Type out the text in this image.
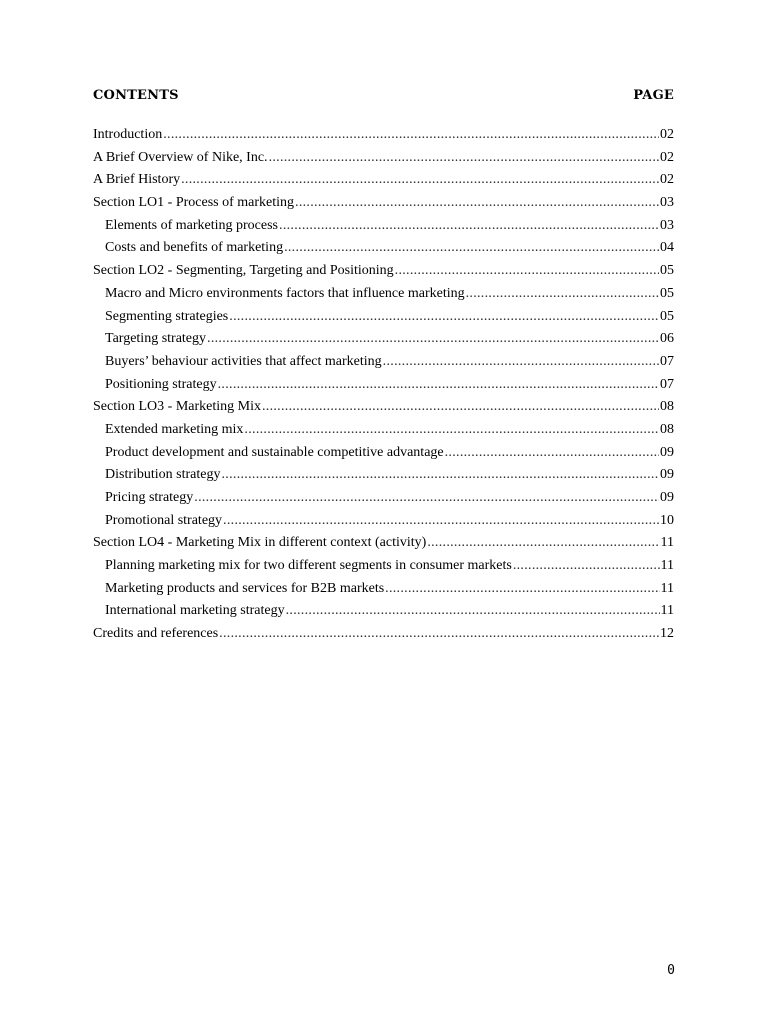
CONTENTS	PAGE
Introduction .....	02
A Brief Overview of Nike, Inc. .....	02
A Brief History .....	02
Section LO1 - Process of marketing .....	03
Elements of marketing process .....	03
Costs and benefits of marketing .....	04
Section LO2 - Segmenting, Targeting and Positioning .....	05
Macro and Micro environments factors that influence marketing .....	05
Segmenting strategies .....	05
Targeting strategy .....	06
Buyers’ behaviour activities that affect marketing .....	07
Positioning strategy .....	07
Section LO3 - Marketing Mix .....	08
Extended marketing mix .....	08
Product development and sustainable competitive advantage .....	09
Distribution strategy .....	09
Pricing strategy .....	09
Promotional strategy .....	10
Section LO4 - Marketing Mix in different context (activity) .....	11
Planning marketing mix for two different segments in consumer markets .....	11
Marketing products and services for B2B markets .....	11
International marketing strategy .....	11
Credits and references .....	12
0
